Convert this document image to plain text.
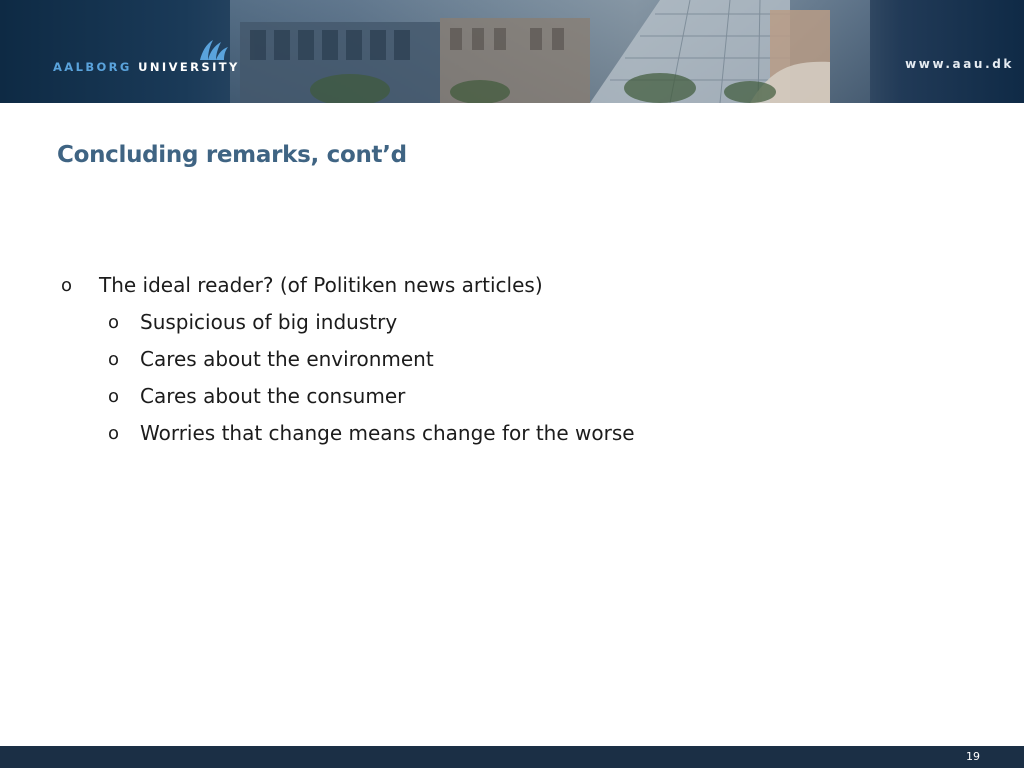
AALBORG UNIVERSITY	www.aau.dk
Concluding remarks, cont’d
o	The ideal reader? (of Politiken news articles)
o	Suspicious of big industry
o	Cares about the environment
o	Cares about the consumer
o	Worries that change means change for the worse
19
